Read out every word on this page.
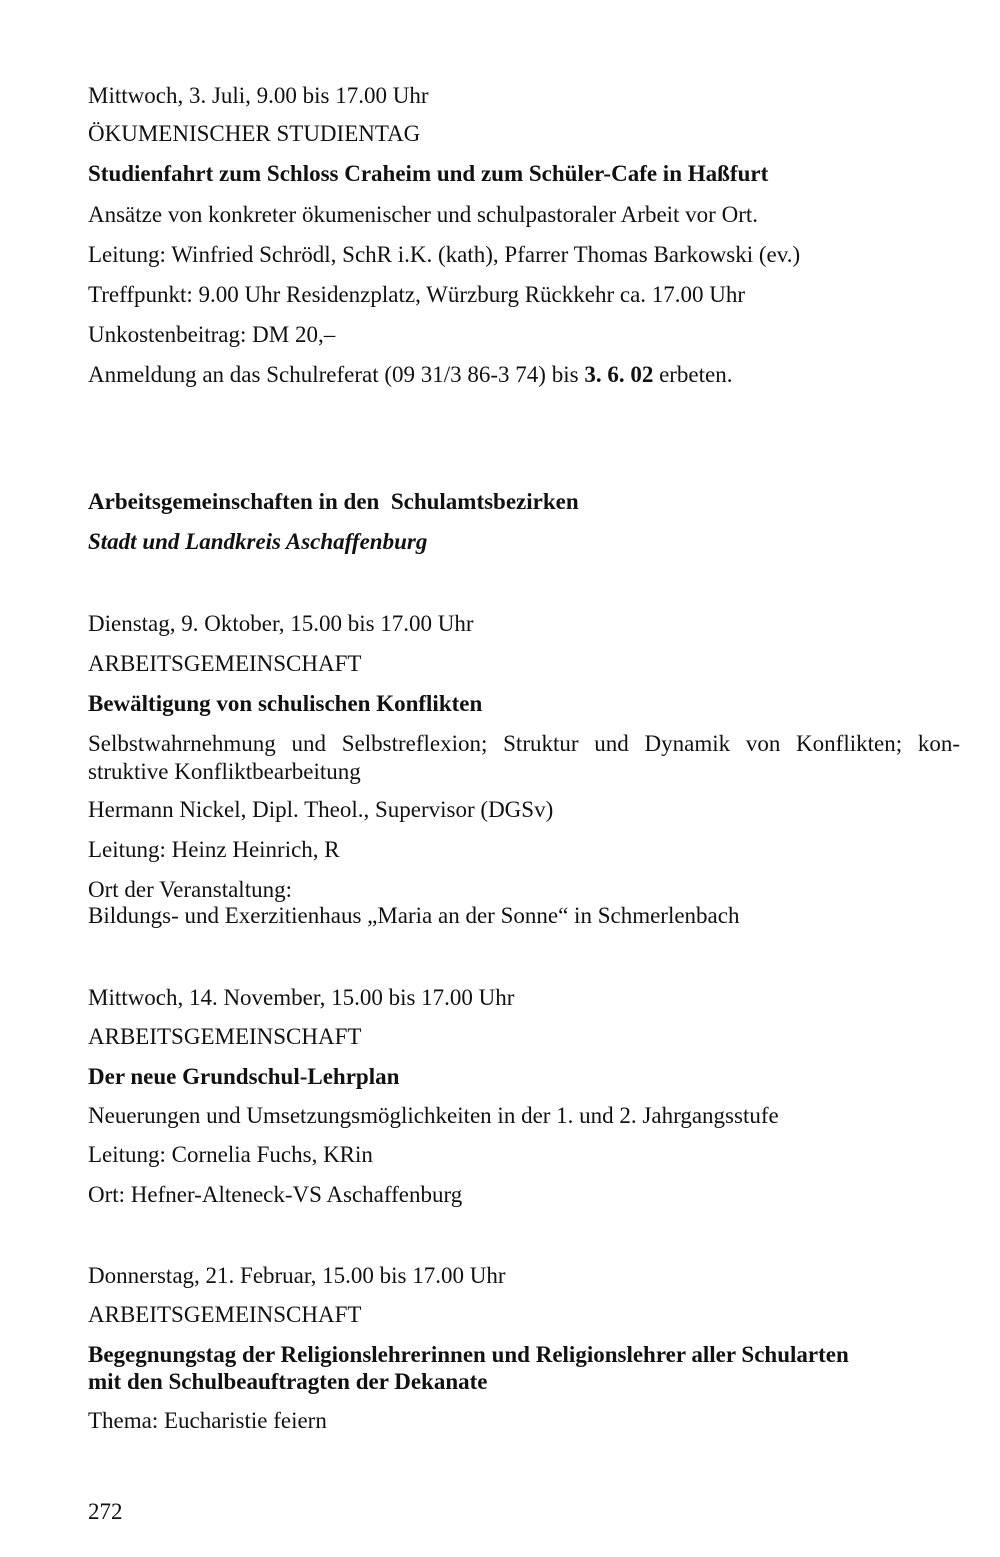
Mittwoch, 3. Juli, 9.00 bis 17.00 Uhr
ÖKUMENISCHER STUDIENTAG
Studienfahrt zum Schloss Craheim und zum Schüler-Cafe in Haßfurt
Ansätze von konkreter ökumenischer und schulpastoraler Arbeit vor Ort.
Leitung: Winfried Schrödl, SchR i.K. (kath), Pfarrer Thomas Barkowski (ev.)
Treffpunkt: 9.00 Uhr Residenzplatz, Würzburg Rückkehr ca. 17.00 Uhr
Unkostenbeitrag: DM 20,–
Anmeldung an das Schulreferat (09 31/3 86-3 74) bis 3. 6. 02 erbeten.
Arbeitsgemeinschaften in den  Schulamtsbezirken
Stadt und Landkreis Aschaffenburg
Dienstag, 9. Oktober, 15.00 bis 17.00 Uhr
ARBEITSGEMEINSCHAFT
Bewältigung von schulischen Konflikten
Selbstwahrnehmung und Selbstreflexion; Struktur und Dynamik von Konflikten; kon-struktive Konfliktbearbeitung
Hermann Nickel, Dipl. Theol., Supervisor (DGSv)
Leitung: Heinz Heinrich, R
Ort der Veranstaltung:
Bildungs- und Exerzitienhaus „Maria an der Sonne“ in Schmerlenbach
Mittwoch, 14. November, 15.00 bis 17.00 Uhr
ARBEITSGEMEINSCHAFT
Der neue Grundschul-Lehrplan
Neuerungen und Umsetzungsmöglichkeiten in der 1. und 2. Jahrgangsstufe
Leitung: Cornelia Fuchs, KRin
Ort: Hefner-Alteneck-VS Aschaffenburg
Donnerstag, 21. Februar, 15.00 bis 17.00 Uhr
ARBEITSGEMEINSCHAFT
Begegnungstag der Religionslehrerinnen und Religionslehrer aller Schularten
mit den Schulbeauftragten der Dekanate
Thema: Eucharistie feiern
272
